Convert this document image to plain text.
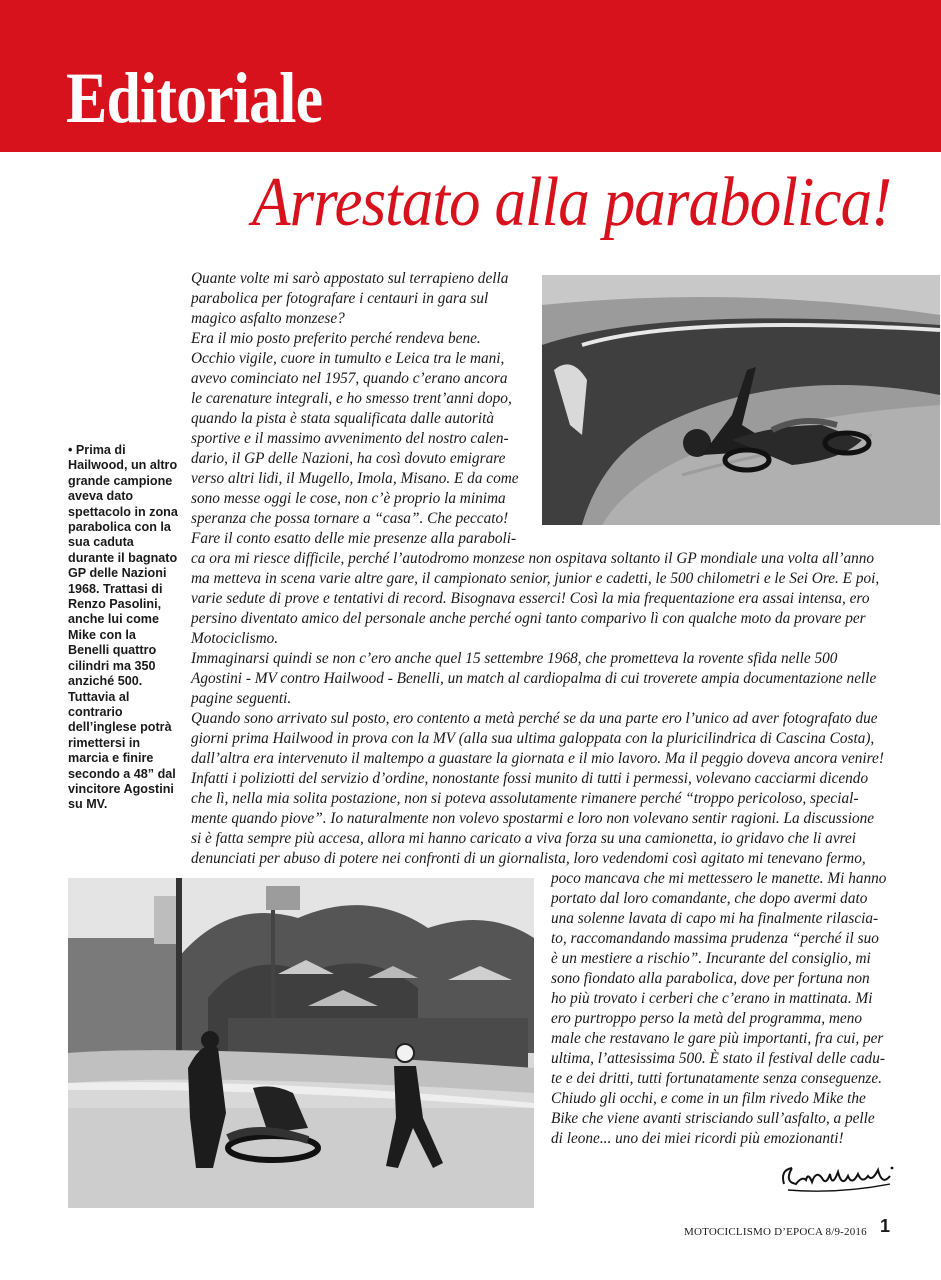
Editoriale
Arrestato alla parabolica!

• Prima di Hailwood, un altro grande campione aveva dato spettacolo in zona parabolica con la sua caduta durante il bagnato GP delle Nazioni 1968. Trattasi di Renzo Pasolini, anche lui come Mike con la Benelli quattro cilindri ma 350 anziché 500. Tuttavia al contrario dell’inglese potrà rimettersi in marcia e finire secondo a 48” dal vincitore Agostini su MV.

Quante volte mi sarò appostato sul terrapieno della
parabolica per fotografare i centauri in gara sul
magico asfalto monzese?
Era il mio posto preferito perché rendeva bene.
Occhio vigile, cuore in tumulto e Leica tra le mani,
avevo cominciato nel 1957, quando c’erano ancora
le carenature integrali, e ho smesso trent’anni dopo,
quando la pista è stata squalificata dalle autorità
sportive e il massimo avvenimento del nostro calen-
dario, il GP delle Nazioni, ha così dovuto emigrare
verso altri lidi, il Mugello, Imola, Misano. E da come
sono messe oggi le cose, non c’è proprio la minima
speranza che possa tornare a “casa”. Che peccato!
Fare il conto esatto delle mie presenze alla paraboli-
ca ora mi riesce difficile, perché l’autodromo monzese non ospitava soltanto il GP mondiale una volta all’anno
ma metteva in scena varie altre gare, il campionato senior, junior e cadetti, le 500 chilometri e le Sei Ore. E poi,
varie sedute di prove e tentativi di record. Bisognava esserci! Così la mia frequentazione era assai intensa, ero
persino diventato amico del personale anche perché ogni tanto comparivo lì con qualche moto da provare per
Motociclismo.
Immaginarsi quindi se non c’ero anche quel 15 settembre 1968, che prometteva la rovente sfida nelle 500
Agostini - MV contro Hailwood - Benelli, un match al cardiopalma di cui troverete ampia documentazione nelle
pagine seguenti.
Quando sono arrivato sul posto, ero contento a metà perché se da una parte ero l’unico ad aver fotografato due
giorni prima Hailwood in prova con la MV (alla sua ultima galoppata con la pluricilindrica di Cascina Costa),
dall’altra era intervenuto il maltempo a guastare la giornata e il mio lavoro. Ma il peggio doveva ancora venire!
Infatti i poliziotti del servizio d’ordine, nonostante fossi munito di tutti i permessi, volevano cacciarmi dicendo
che lì, nella mia solita postazione, non si poteva assolutamente rimanere perché “troppo pericoloso, special-
mente quando piove”. Io naturalmente non volevo spostarmi e loro non volevano sentir ragioni. La discussione
si è fatta sempre più accesa, allora mi hanno caricato a viva forza su una camionetta, io gridavo che li avrei
denunciati per abuso di potere nei confronti di un giornalista, loro vedendomi così agitato mi tenevano fermo,
poco mancava che mi mettessero le manette. Mi hanno
portato dal loro comandante, che dopo avermi dato
una solenne lavata di capo mi ha finalmente rilascia-
to, raccomandando massima prudenza “perché il suo
è un mestiere a rischio”. Incurante del consiglio, mi
sono fiondato alla parabolica, dove per fortuna non
ho più trovato i cerberi che c’erano in mattinata. Mi
ero purtroppo perso la metà del programma, meno
male che restavano le gare più importanti, fra cui, per
ultima, l’attesissima 500. È stato il festival delle cadu-
te e dei dritti, tutti fortunatamente senza conseguenze.
Chiudo gli occhi, e come in un film rivedo Mike the
Bike che viene avanti strisciando sull’asfalto, a pelle
di leone... uno dei miei ricordi più emozionanti!
MOTOCICLISMO D’EPOCA 8/9-2016 1
